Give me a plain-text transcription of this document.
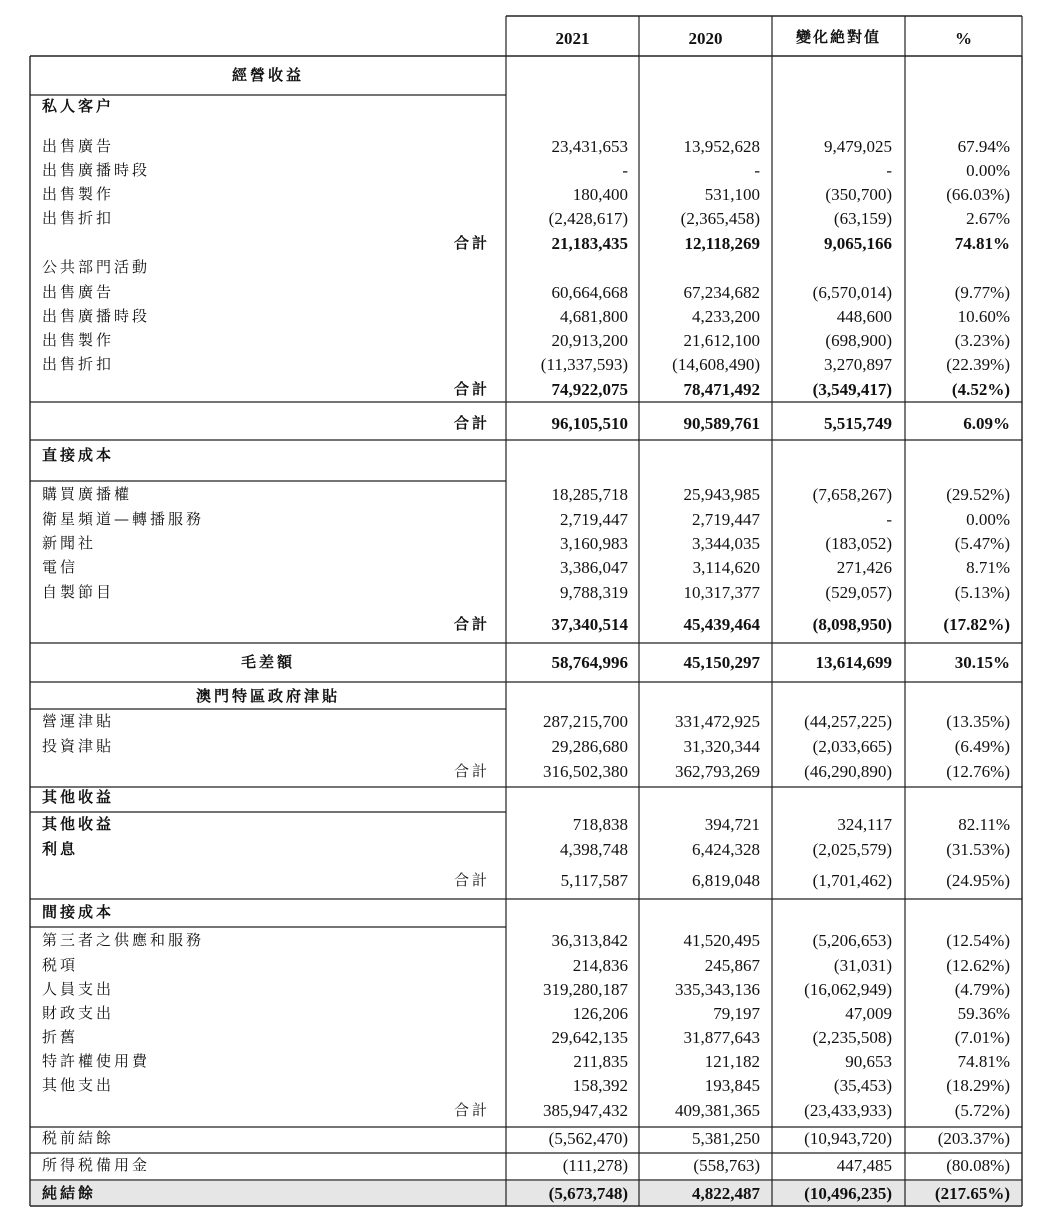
經營收益
私人客户
出售廣告	23,431,653	13,952,628	9,479,025	67.94%
出售廣播時段	-	-	-	0.00%
出售製作	180,400	531,100	(350,700)	(66.03%)
出售折扣	(2,428,617)	(2,365,458)	(63,159)	2.67%
合計	21,183,435	12,118,269	9,065,166	74.81%
公共部門活動
出售廣告	60,664,668	67,234,682	(6,570,014)	(9.77%)
出售廣播時段	4,681,800	4,233,200	448,600	10.60%
出售製作	20,913,200	21,612,100	(698,900)	(3.23%)
出售折扣	(11,337,593)	(14,608,490)	3,270,897	(22.39%)
合計	74,922,075	78,471,492	(3,549,417)	(4.52%)
合計	96,105,510	90,589,761	5,515,749	6.09%
直接成本
購買廣播權	18,285,718	25,943,985	(7,658,267)	(29.52%)
衛星頻道—轉播服務	2,719,447	2,719,447	-	0.00%
新聞社	3,160,983	3,344,035	(183,052)	(5.47%)
電信	3,386,047	3,114,620	271,426	8.71%
自製節目	9,788,319	10,317,377	(529,057)	(5.13%)
合計	37,340,514	45,439,464	(8,098,950)	(17.82%)
毛差額	58,764,996	45,150,297	13,614,699	30.15%
澳門特區政府津貼
營運津貼	287,215,700	331,472,925	(44,257,225)	(13.35%)
投資津貼	29,286,680	31,320,344	(2,033,665)	(6.49%)
合計	316,502,380	362,793,269	(46,290,890)	(12.76%)
其他收益
其他收益	718,838	394,721	324,117	82.11%
利息	4,398,748	6,424,328	(2,025,579)	(31.53%)
合計	5,117,587	6,819,048	(1,701,462)	(24.95%)
間接成本
第三者之供應和服務	36,313,842	41,520,495	(5,206,653)	(12.54%)
税項	214,836	245,867	(31,031)	(12.62%)
人員支出	319,280,187	335,343,136	(16,062,949)	(4.79%)
財政支出	126,206	79,197	47,009	59.36%
折舊	29,642,135	31,877,643	(2,235,508)	(7.01%)
特許權使用費	211,835	121,182	90,653	74.81%
其他支出	158,392	193,845	(35,453)	(18.29%)
合計	385,947,432	409,381,365	(23,433,933)	(5.72%)
税前結餘	(5,562,470)	5,381,250	(10,943,720)	(203.37%)
所得税備用金	(111,278)	(558,763)	447,485	(80.08%)
純結餘	(5,673,748)	4,822,487	(10,496,235)	(217.65%)
2021	2020	變化絶對值	%
